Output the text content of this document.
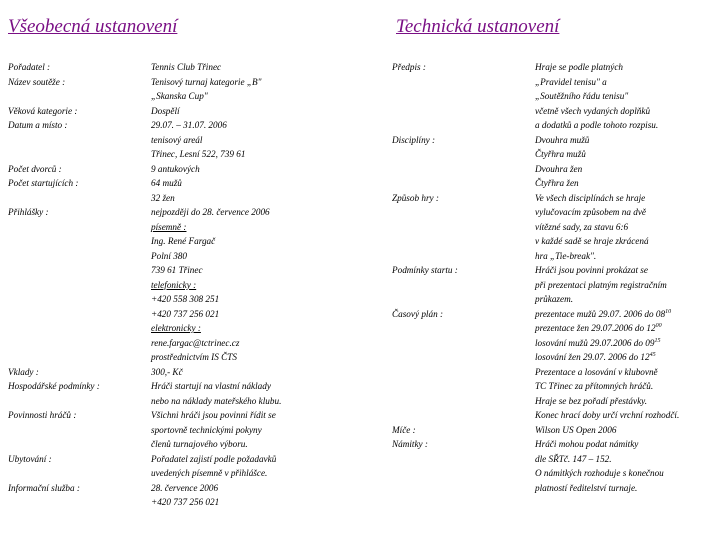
Všeobecná ustanovení	Technická ustanovení
Pořadatel :	Tennis Club Třinec
Název soutěže :	Tenisový turnaj kategorie „B"
„Skanska Cup"
Věková kategorie :	Dospělí
Datum a místo :	29.07. – 31.07. 2006
tenisový areál
Třinec, Lesní 522, 739 61
Počet dvorců :	9 antukových
Počet startujících :	64 mužů
32 žen
Přihlášky :	nejpozději do 28. července 2006
písemně :
Ing. René Fargač
Polní 380
739 61 Třinec
telefonicky :
+420 558 308 251
+420 737 256 021
elektronicky :
rene.fargac@tctrinec.cz
prostřednictvím IS ČTS
Vklady :	300,- Kč
Hospodářské podmínky :	Hráči startují na vlastní náklady
nebo na náklady mateřského klubu.
Povinnosti hráčů :	Všichni hráči jsou povinni řídit se
sportovně technickými pokyny
členů turnajového výboru.
Ubytování :	Pořadatel zajistí podle požadavků
uvedených písemně v přihlášce.
Informační služba :	28. července 2006
+420 737 256 021
Předpis :	Hraje se podle platných
„Pravidel tenisu" a
„Soutěžního řádu tenisu"
včetně všech vydaných doplňků
a dodatků a podle tohoto rozpisu.
Disciplíny :	Dvouhra mužů
Čtyřhra mužů
Dvouhra žen
Čtyřhra žen
Způsob hry :	Ve všech disciplínách se hraje
vylučovacím způsobem na dvě
vítězné sady, za stavu 6:6
v každé sadě se hraje zkrácená
hra „Tie-break".
Podmínky startu :	Hráči jsou povinni prokázat se
při prezentaci platným registračním
průkazem.
Časový plán :	prezentace mužů 29.07. 2006 do $08^{10}$
prezentace žen 29.07.2006 do $12^{00}$
losování mužů 29.07.2006 do $09^{15}$
losování žen 29.07. 2006 do $12^{45}$
Prezentace a losování v klubovně
TC Třinec za přítomných hráčů.
Hraje se bez pořadí přestávky.
Konec hrací doby určí vrchní rozhodčí.
Míče :	Wilson US Open 2006
Námitky :	Hráči mohou podat námitky
dle SŘTč. 147 – 152.
O námitkých rozhoduje s konečnou
platností ředitelství turnaje.
